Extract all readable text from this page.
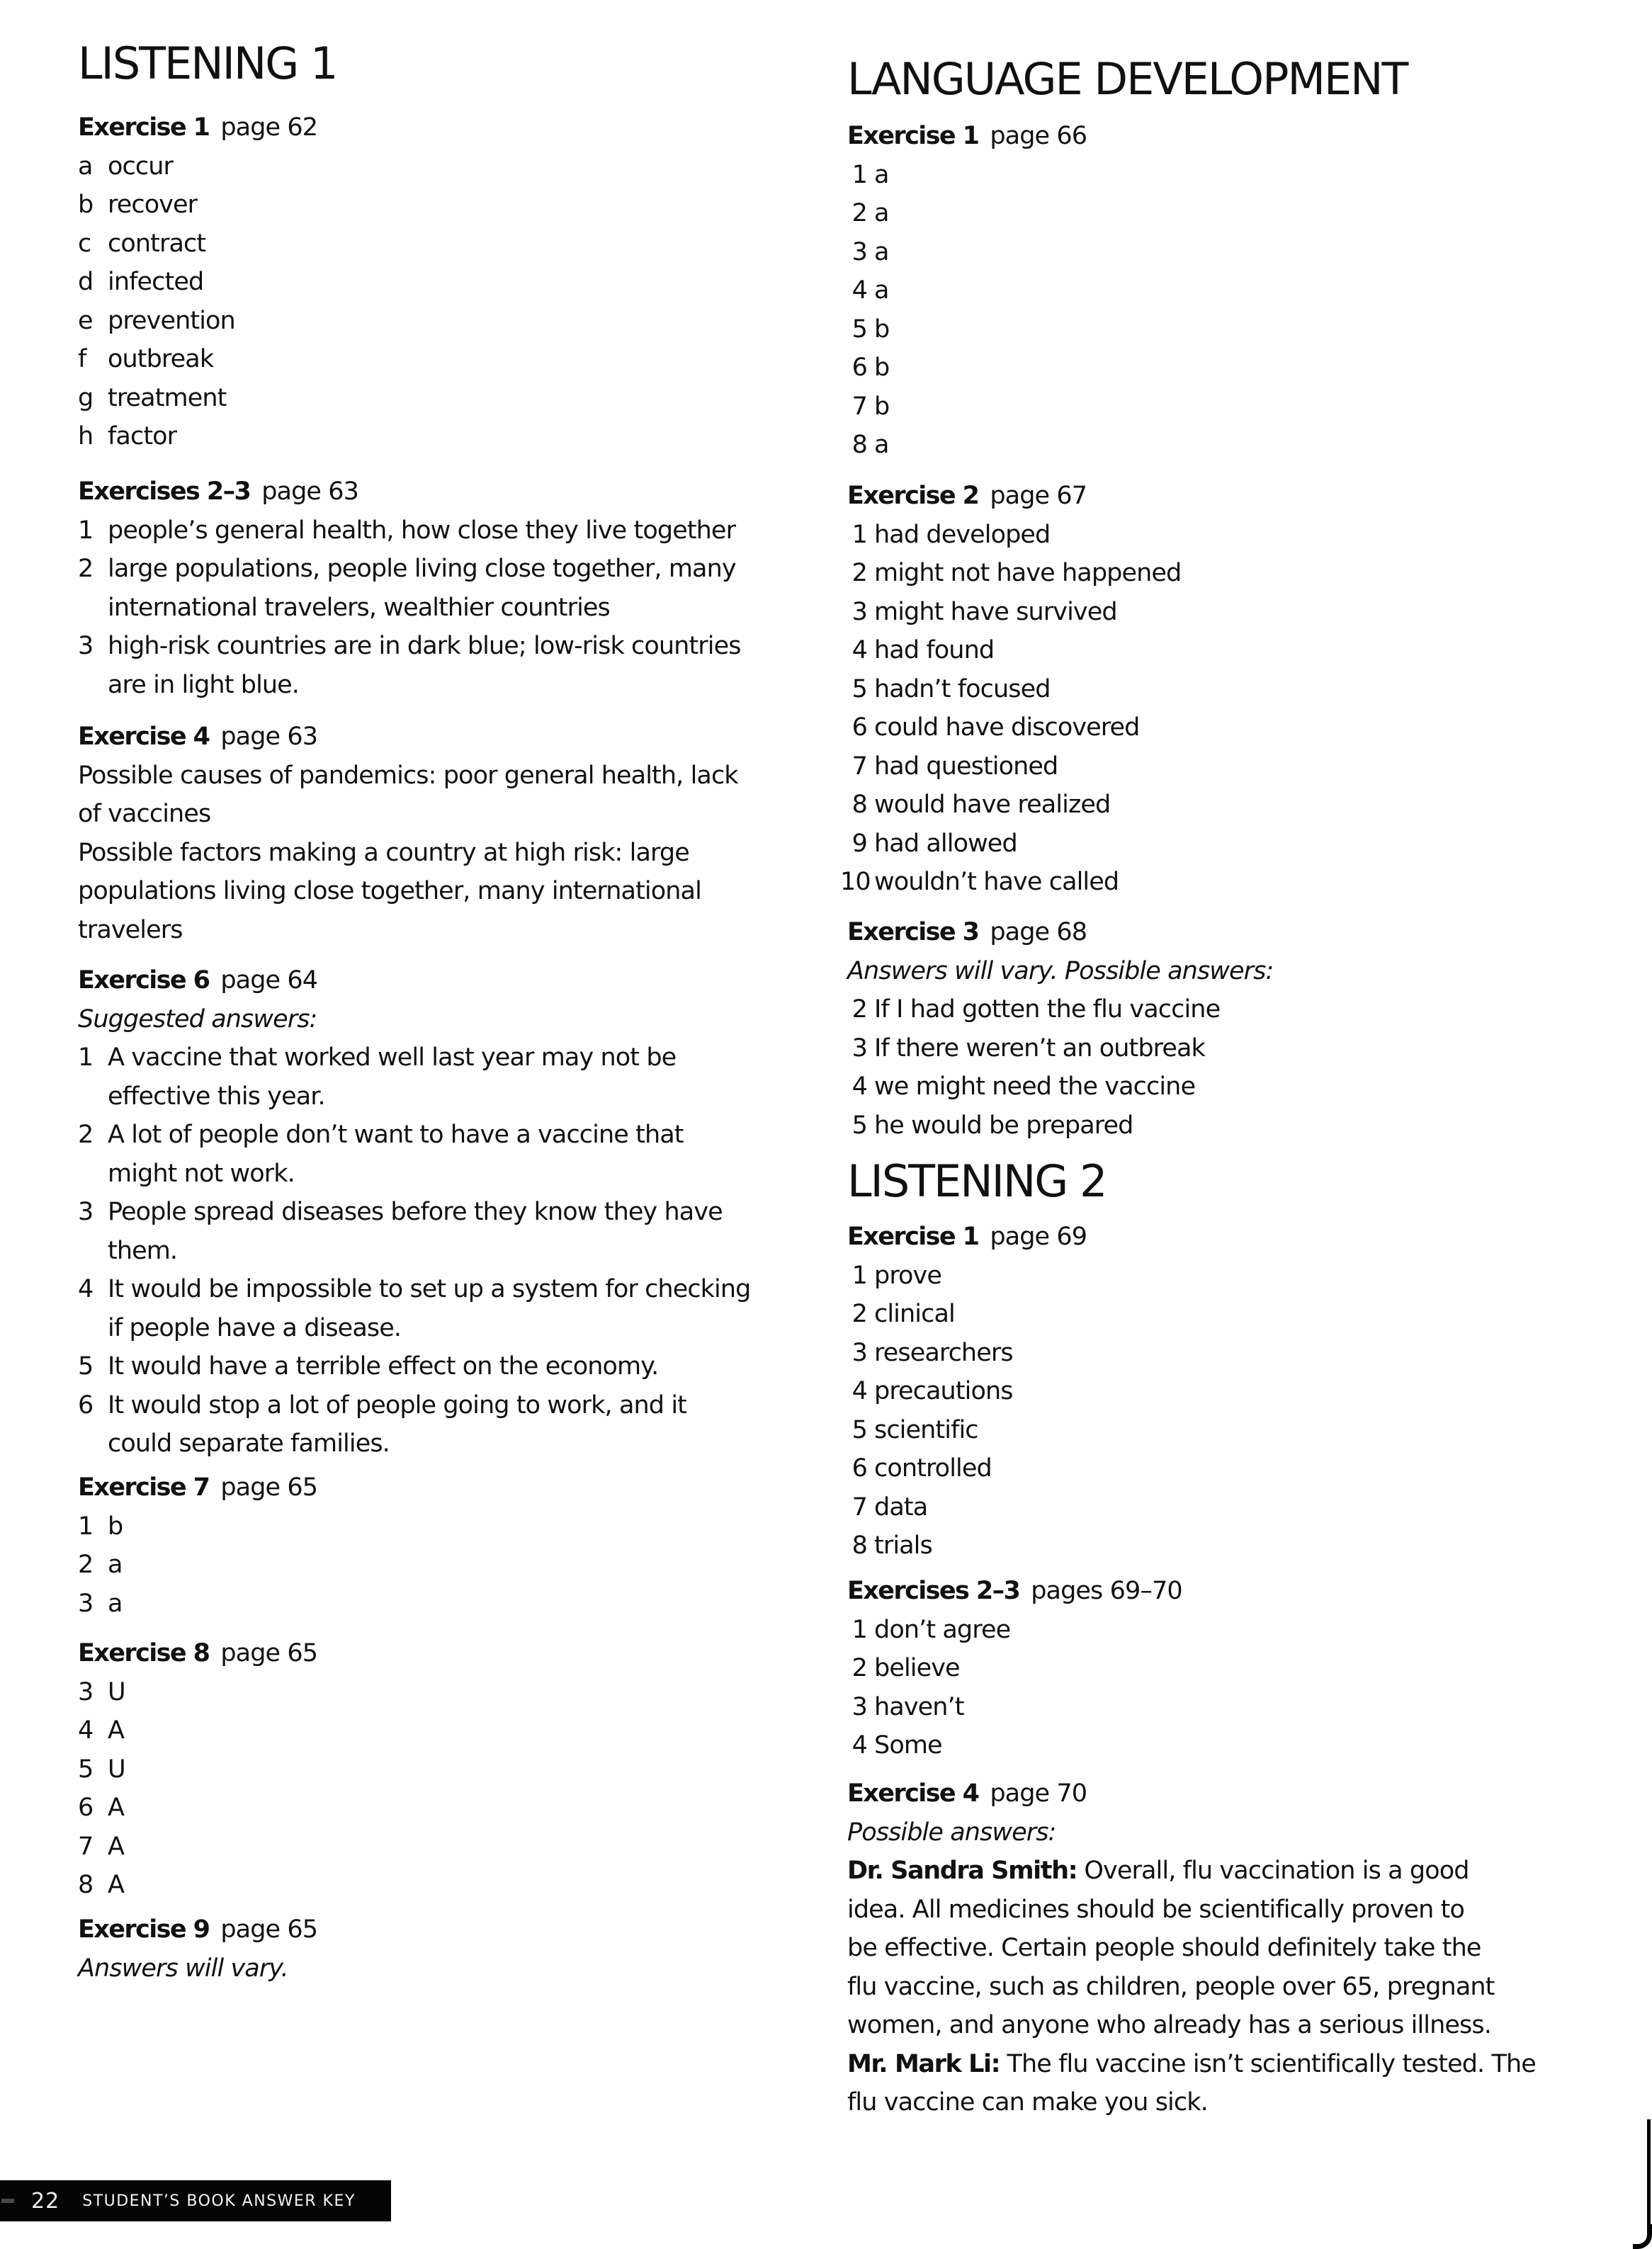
LISTENING 1
Exercise 1 page 62
a occur
b recover
c contract
d infected
e prevention
f outbreak
g treatment
h factor
Exercises 2–3 page 63
1 people’s general health, how close they live together
2 large populations, people living close together, many
international travelers, wealthier countries
3 high-risk countries are in dark blue; low-risk countries
are in light blue.
Exercise 4 page 63
Possible causes of pandemics: poor general health, lack
of vaccines
Possible factors making a country at high risk: large
populations living close together, many international
travelers
Exercise 6 page 64
Suggested answers:
1 A vaccine that worked well last year may not be
effective this year.
2 A lot of people don’t want to have a vaccine that
might not work.
3 People spread diseases before they know they have
them.
4 It would be impossible to set up a system for checking
if people have a disease.
5 It would have a terrible effect on the economy.
6 It would stop a lot of people going to work, and it
could separate families.
Exercise 7 page 65
1 b
2 a
3 a
Exercise 8 page 65
3 U
4 A
5 U
6 A
7 A
8 A
Exercise 9 page 65
Answers will vary.
LANGUAGE DEVELOPMENT
Exercise 1 page 66
1 a
2 a
3 a
4 a
5 b
6 b
7 b
8 a
Exercise 2 page 67
1 had developed
2 might not have happened
3 might have survived
4 had found
5 hadn’t focused
6 could have discovered
7 had questioned
8 would have realized
9 had allowed
10 wouldn’t have called
Exercise 3 page 68
Answers will vary. Possible answers:
2 If I had gotten the flu vaccine
3 If there weren’t an outbreak
4 we might need the vaccine
5 he would be prepared
LISTENING 2
Exercise 1 page 69
1 prove
2 clinical
3 researchers
4 precautions
5 scientific
6 controlled
7 data
8 trials
Exercises 2–3 pages 69–70
1 don’t agree
2 believe
3 haven’t
4 Some
Exercise 4 page 70
Possible answers:
Dr. Sandra Smith: Overall, flu vaccination is a good
idea. All medicines should be scientifically proven to
be effective. Certain people should definitely take the
flu vaccine, such as children, people over 65, pregnant
women, and anyone who already has a serious illness.
Mr. Mark Li: The flu vaccine isn’t scientifically tested. The
flu vaccine can make you sick.
22 STUDENT’S BOOK ANSWER KEY
